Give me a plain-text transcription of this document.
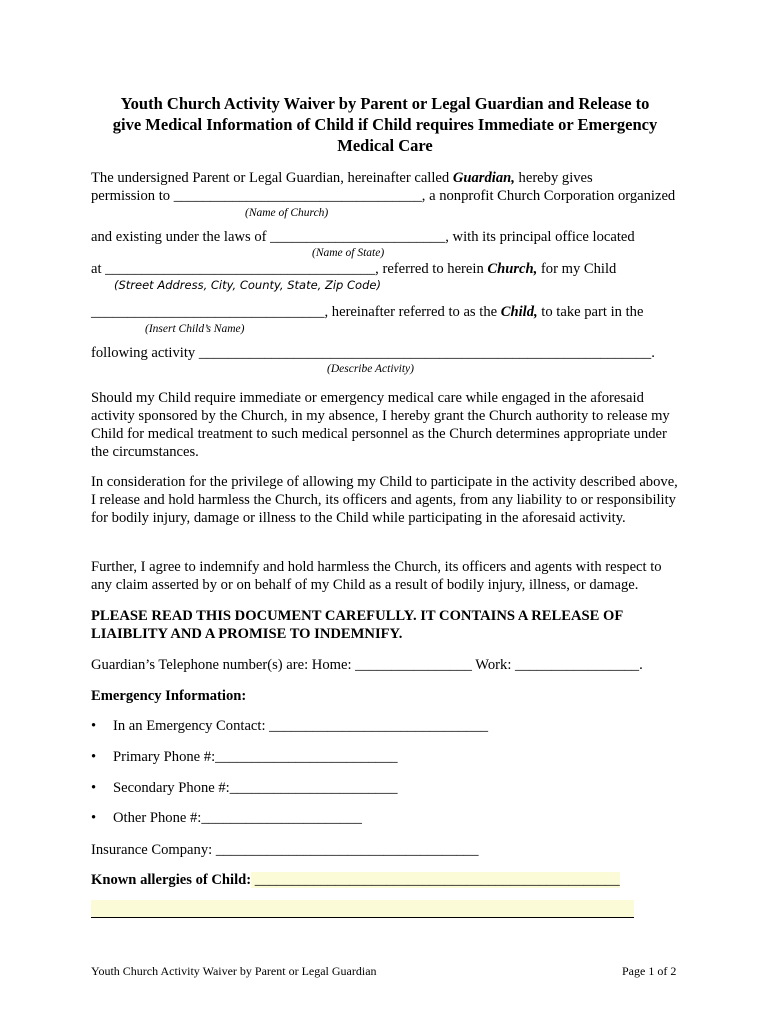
Youth Church Activity Waiver by Parent or Legal Guardian and Release to
give Medical Information of Child if Child requires Immediate or Emergency
Medical Care
The undersigned Parent or Legal Guardian, hereinafter called Guardian, hereby gives
permission to __________________________________, a nonprofit Church Corporation organized
(Name of Church)
and existing under the laws of ________________________, with its principal office located
(Name of State)
at _____________________________________, referred to herein Church, for my Child
(Street Address, City, County, State, Zip Code)
________________________________, hereinafter referred to as the Child, to take part in the
(Insert Child’s Name)
following activity ______________________________________________________________.
(Describe Activity)
Should my Child require immediate or emergency medical care while engaged in the aforesaid activity sponsored by the Church, in my absence, I hereby grant the Church authority to release my Child for medical treatment to such medical personnel as the Church determines appropriate under the circumstances.
In consideration for the privilege of allowing my Child to participate in the activity described above, I release and hold harmless the Church, its officers and agents, from any liability to or responsibility for bodily injury, damage or illness to the Child while participating in the aforesaid activity.
Further, I agree to indemnify and hold harmless the Church, its officers and agents with respect to any claim asserted by or on behalf of my Child as a result of bodily injury, illness, or damage.
PLEASE READ THIS DOCUMENT CAREFULLY. IT CONTAINS A RELEASE OF LIAIBLITY AND A PROMISE TO INDEMNIFY.
Guardian’s Telephone number(s) are: Home: ________________ Work: _________________.
Emergency Information:
• In an Emergency Contact: ______________________________
• Primary Phone #:_________________________
• Secondary Phone #:_______________________
• Other Phone #:______________________
Insurance Company: ____________________________________
Known allergies of Child: __________________________________________________
Youth Church Activity Waiver by Parent or Legal Guardian	Page 1 of 2
